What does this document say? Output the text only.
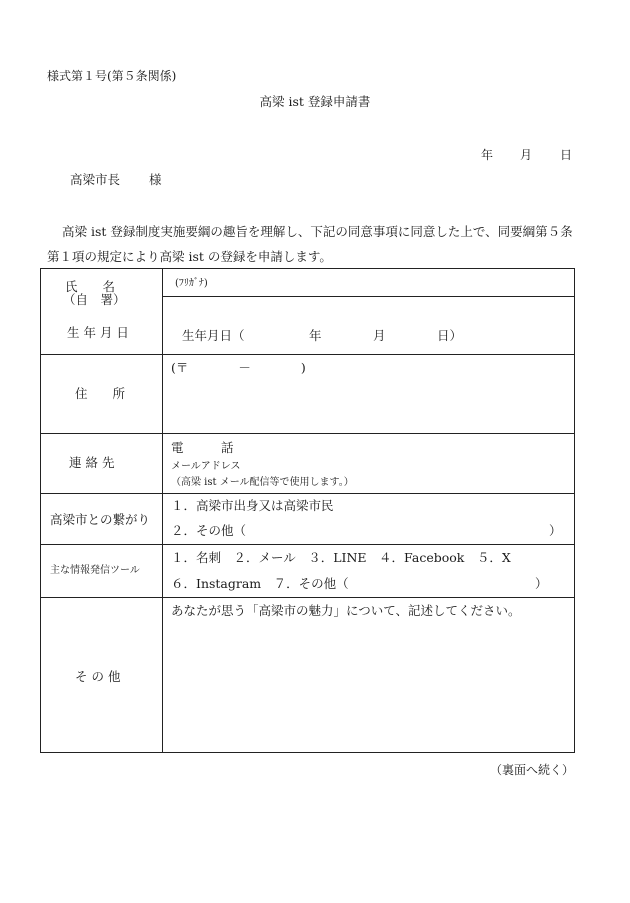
様式第１号(第５条関係)
高梁 ist 登録申請書
年 月 日
高梁市長 様
高梁 ist 登録制度実施要綱の趣旨を理解し、下記の同意事項に同意した上で、同要綱第５条
第１項の規定により高梁 ist の登録を申請します。
氏　　名
（自　署）
生 年 月 日
(ﾌﾘｶﾞﾅ)
生年月日（	年	月	日）
住　　所
(〒　　　　－　　　　)
連 絡 先
電　　　話
メールアドレス
（高梁 ist メール配信等で使用します。）
高梁市との繋がり
１．高梁市出身又は高梁市民
２．その他（	）
主な情報発信ツール
１．名刺　２．メール　３．LINE　４．Facebook　５．X
６．Instagram　７．その他（	）
そ の 他
あなたが思う「高梁市の魅力」について、記述してください。
（裏面へ続く）
